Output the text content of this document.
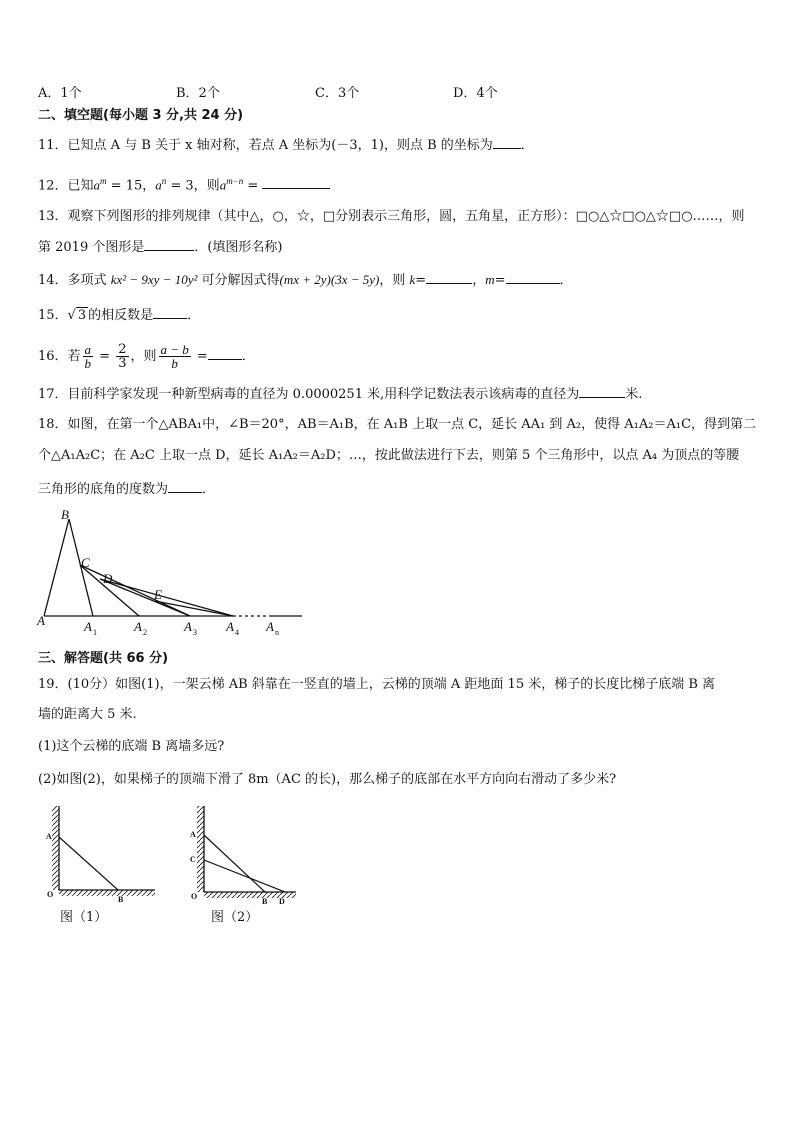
A．1个	B．2个	C．3个	D．4个
二、填空题(每小题 3 分,共 24 分)
11．已知点 A 与 B 关于 x 轴对称，若点 A 坐标为(－3，1)，则点 B 的坐标为 ．
12．已知$a^m = 15$，$a^n = 3$，则$a^{m-n}$ =
13．观察下列图形的排列规律（其中△，○，☆，□分别表示三角形，圆，五角星，正方形）：□○△☆□○△☆□○……，则
第 2019 个图形是	．(填图形名称)
14．多项式 kx² − 9xy − 10y² 可分解因式得(mx + 2y)(3x − 5y)，则 k=	，m=	．
15．√ 3 的相反数是	．
16．若 $\frac{a}{b} = \frac{2}{3}$ ，则 $\frac{a - b}{b}$ =	．
17．目前科学家发现一种新型病毒的直径为 0.0000251 米,用科学记数法表示该病毒的直径为	米.
18．如图，在第一个△ABA₁中，∠B＝20°，AB＝A₁B，在 A₁B 上取一点 C，延长 AA₁ 到 A₂，使得 A₁A₂＝A₁C，得到第二
个△A₁A₂C；在 A₂C 上取一点 D，延长 A₁A₂＝A₂D；…，按此做法进行下去，则第 5 个三角形中，以点 A₄ 为顶点的等腰
三角形的底角的度数为	．
B
C
D
E
A	A 1	A 2	A 3 A 4 A n
三、解答题(共 66 分)
19．(10分）如图(1)，一架云梯 AB 斜靠在一竖直的墙上，云梯的顶端 A 距地面 15 米，梯子的长度比梯子底端 B 离
墙的距离大 5 米.
(1)这个云梯的底端 B 离墙多远?
(2)如图(2)，如果梯子的顶端下滑了 8m（AC 的长)，那么梯子的底部在水平方向向右滑动了多少米?
A
O
B
图（1）
A
C
O
B D
图（2）
